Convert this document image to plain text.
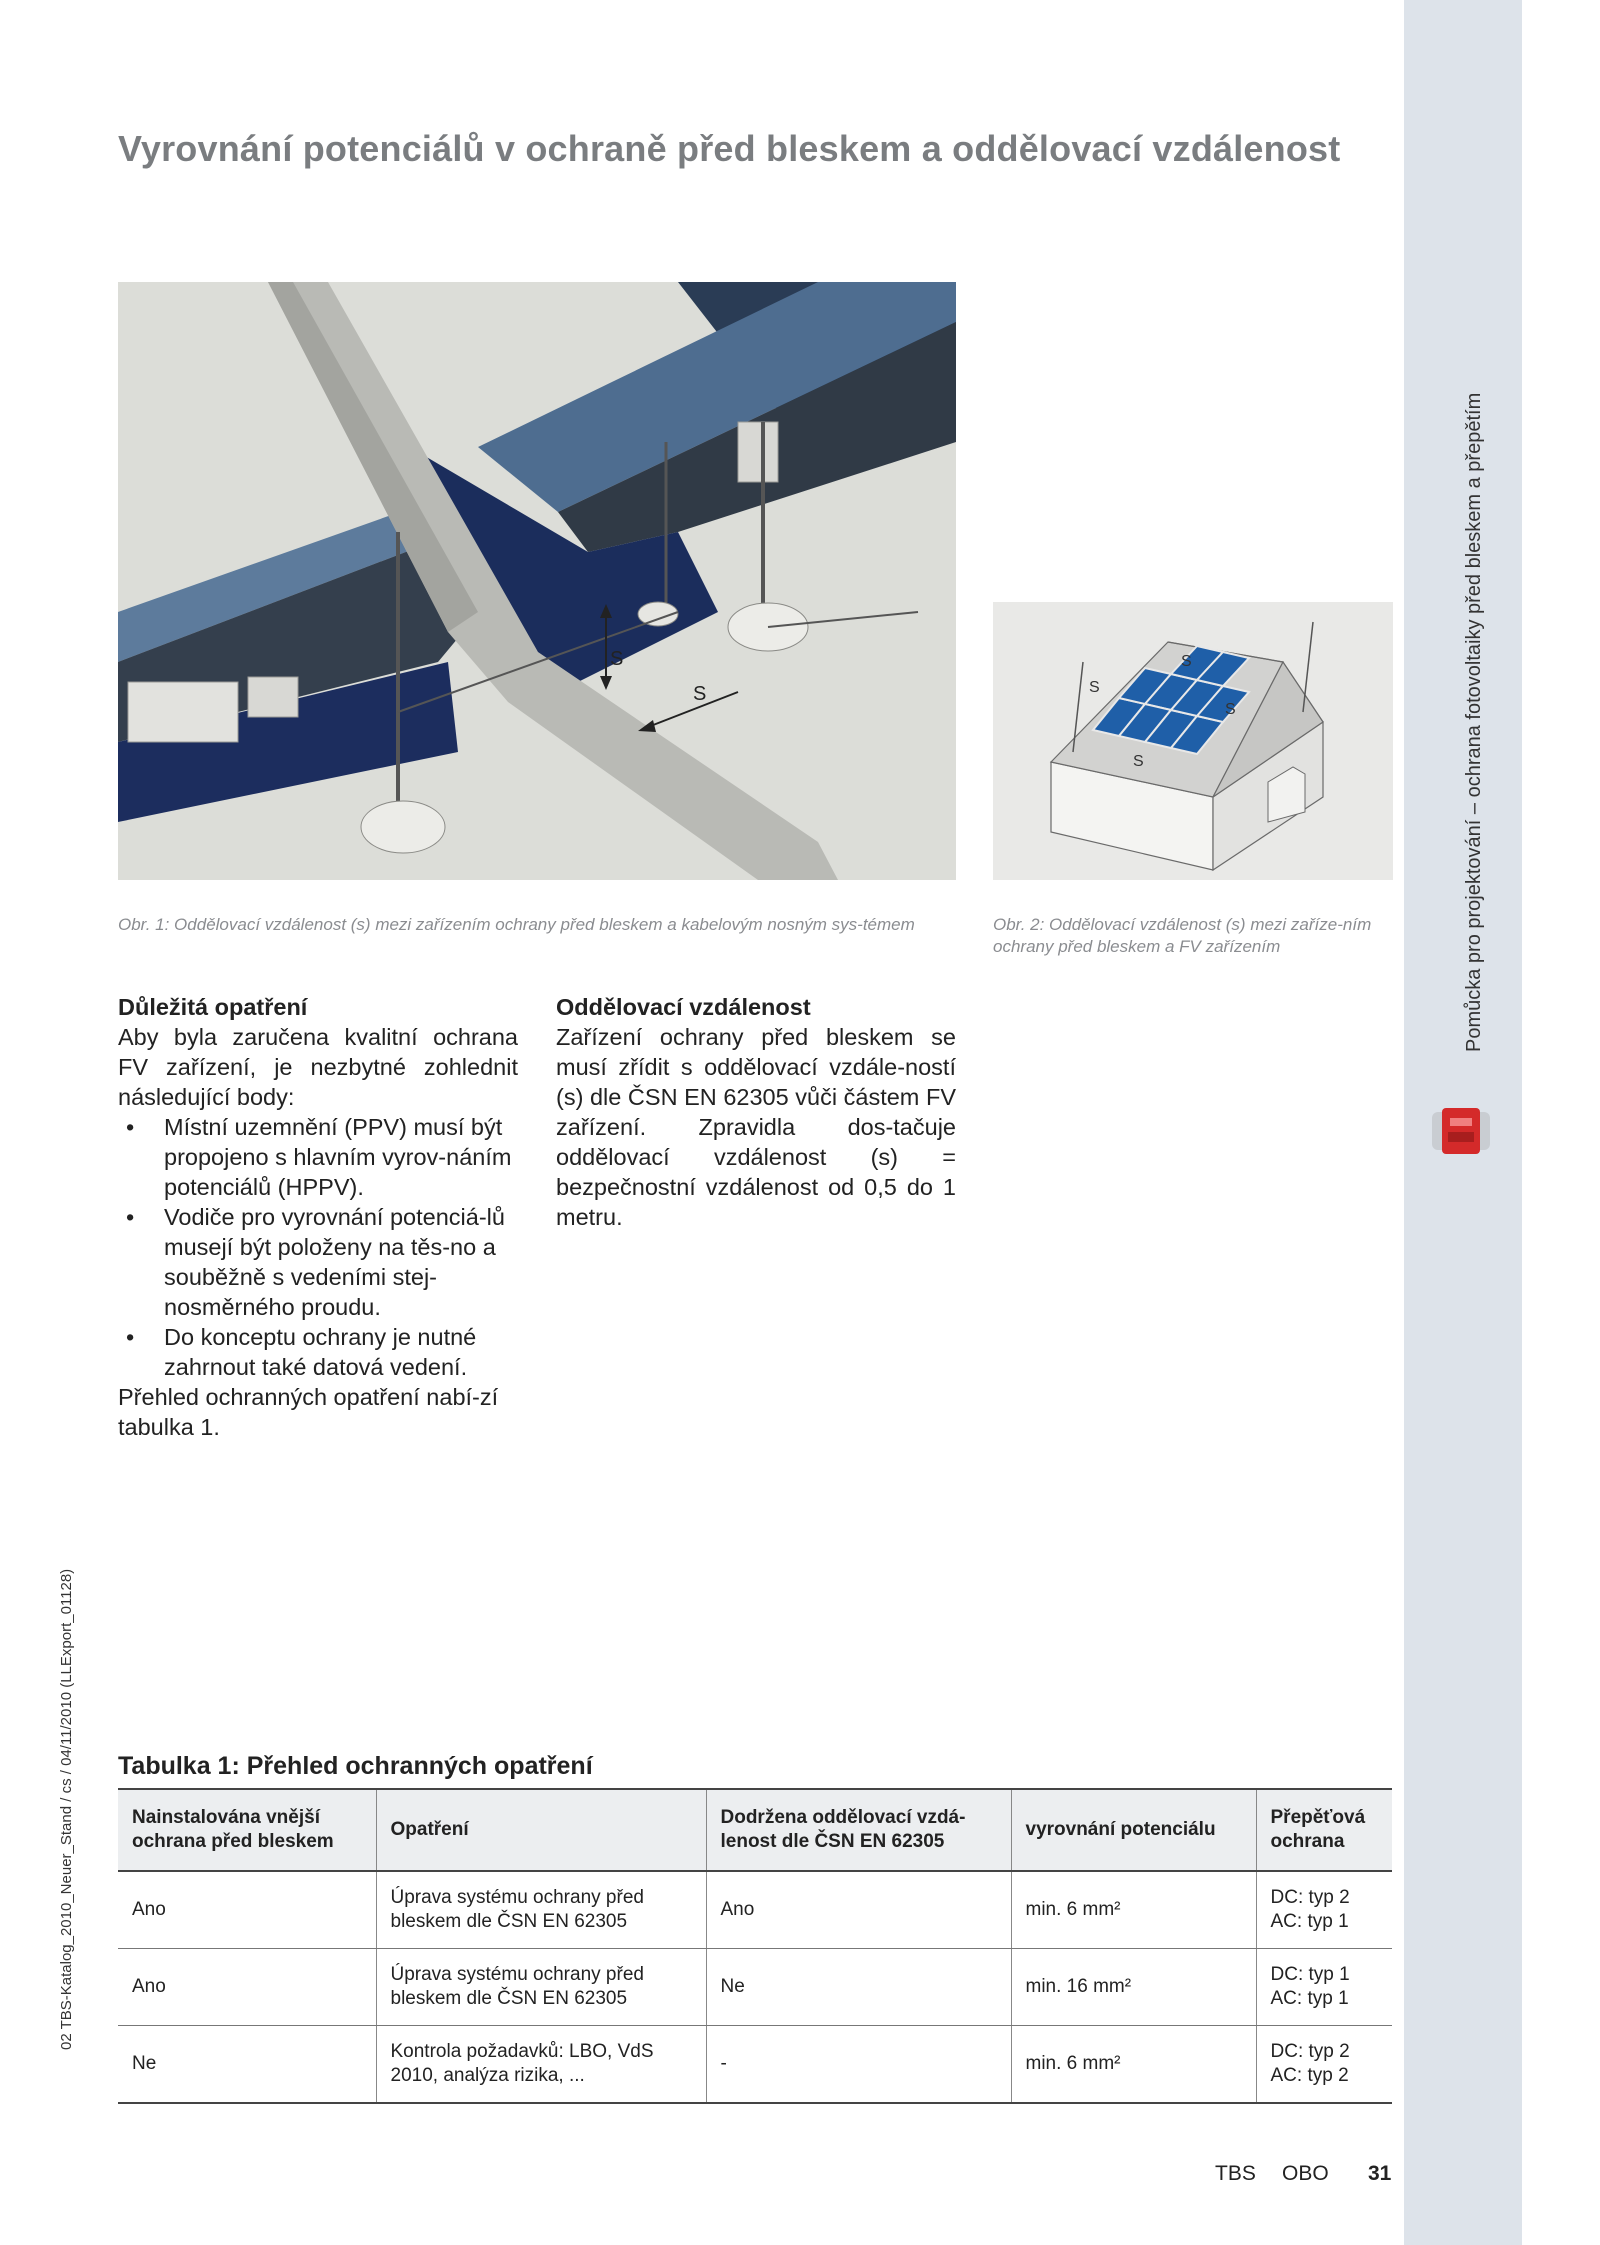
Pomůcka pro projektování – ochrana fotovoltaiky před bleskem a přepětím
02 TBS-Katalog_2010_Neuer_Stand / cs / 04/11/2010 (LLExport_01128)
Vyrovnání potenciálů v ochraně před bleskem a oddělovací vzdálenost
S
S
S
S
S
S
Obr. 1: Oddělovací vzdálenost (s) mezi zařízením ochrany před bleskem a kabelovým nosným sys-témem	Obr. 2: Oddělovací vzdálenost (s) mezi zaříze-ním ochrany před bleskem a FV zařízením
Důležitá opatření

Aby byla zaručena kvalitní ochrana FV zařízení, je nezbytné zohlednit následující body:

• Místní uzemnění (PPV) musí být propojeno s hlavním vyrov-náním potenciálů (HPPV).
• Vodiče pro vyrovnání potenciá-lů musejí být položeny na těs-no a souběžně s vedeními stej-nosměrného proudu.
• Do konceptu ochrany je nutné zahrnout také datová vedení.

Přehled ochranných opatření nabí-zí tabulka 1.

Oddělovací vzdálenost

Zařízení ochrany před bleskem se musí zřídit s oddělovací vzdále-ností (s) dle ČSN EN 62305 vůči částem FV zařízení. Zpravidla dos-tačuje oddělovací vzdálenost (s) = bezpečnostní vzdálenost od 0,5 do 1 metru.

Tabulka 1: Přehled ochranných opatření
Nainstalována vnější ochrana před bleskem	Opatření	Dodržena oddělovací vzdá-lenost dle ČSN EN 62305	vyrovnání potenciálu	Přepěťová ochrana
Ano	Úprava systému ochrany před bleskem dle ČSN EN 62305	Ano	min. 6 mm²	DC: typ 2 AC: typ 1
Ano	Úprava systému ochrany před bleskem dle ČSN EN 62305	Ne	min. 16 mm²	DC: typ 1 AC: typ 1
Ne	Kontrola požadavků: LBO, VdS 2010, analýza rizika, ...	-	min. 6 mm²	DC: typ 2 AC: typ 2
TBS OBO 31
